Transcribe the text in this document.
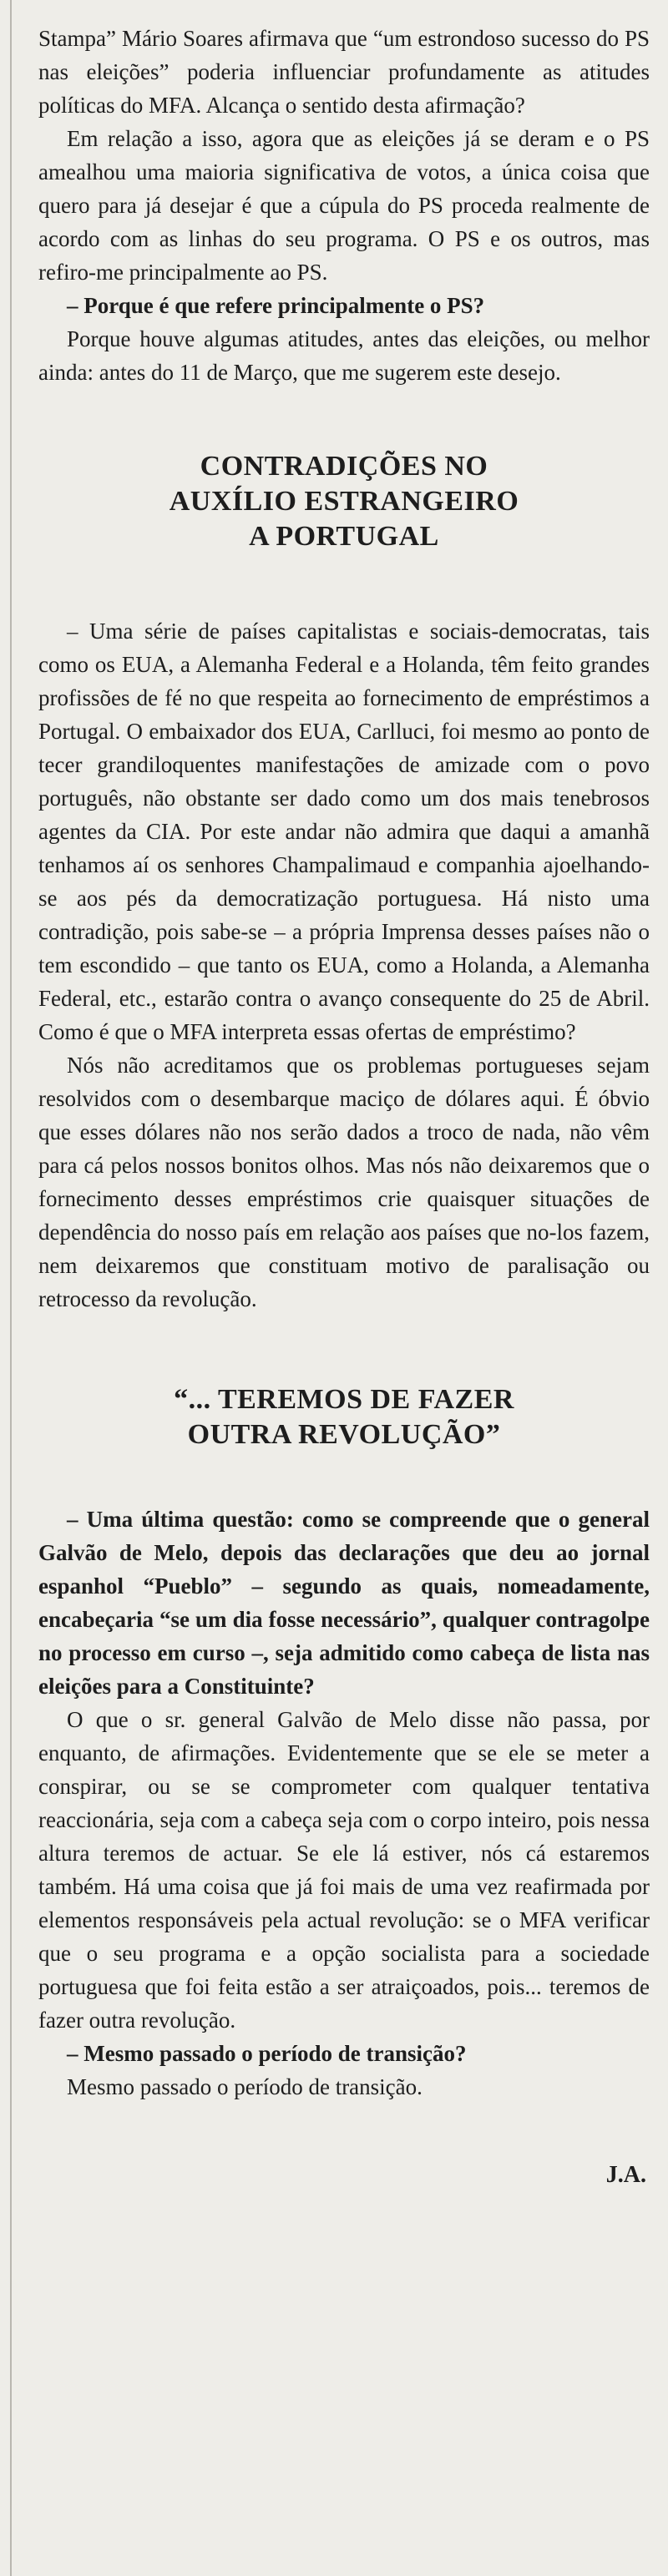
Stampa” Mário Soares afirmava que “um estrondoso sucesso do PS nas eleições” poderia influenciar profundamente as atitudes políticas do MFA. Alcança o sentido desta afirmação?

Em relação a isso, agora que as eleições já se deram e o PS amealhou uma maioria significativa de votos, a única coisa que quero para já desejar é que a cúpula do PS proceda realmente de acordo com as linhas do seu programa. O PS e os outros, mas refiro-me principalmente ao PS.

– Porque é que refere principalmente o PS?

Porque houve algumas atitudes, antes das eleições, ou melhor ainda: antes do 11 de Março, que me sugerem este desejo.

CONTRADIÇÕES NO
AUXÍLIO ESTRANGEIRO
A PORTUGAL

– Uma série de países capitalistas e sociais-democratas, tais como os EUA, a Alemanha Federal e a Holanda, têm feito grandes profissões de fé no que respeita ao fornecimento de empréstimos a Portugal. O embaixador dos EUA, Carlluci, foi mesmo ao ponto de tecer grandiloquentes manifestações de amizade com o povo português, não obstante ser dado como um dos mais tenebrosos agentes da CIA. Por este andar não admira que daqui a amanhã tenhamos aí os senhores Champalimaud e companhia ajoelhando-se aos pés da democratização portuguesa. Há nisto uma contradição, pois sabe-se – a própria Imprensa desses países não o tem escondido – que tanto os EUA, como a Holanda, a Alemanha Federal, etc., estarão contra o avanço consequente do 25 de Abril. Como é que o MFA interpreta essas ofertas de empréstimo?

Nós não acreditamos que os problemas portugueses sejam resolvidos com o desembarque maciço de dólares aqui. É óbvio que esses dólares não nos serão dados a troco de nada, não vêm para cá pelos nossos bonitos olhos. Mas nós não deixaremos que o fornecimento desses empréstimos crie quaisquer situações de dependência do nosso país em relação aos países que no-los fazem, nem deixaremos que constituam motivo de paralisação ou retrocesso da revolução.

“... TEREMOS DE FAZER
OUTRA REVOLUÇÃO”

– Uma última questão: como se compreende que o general Galvão de Melo, depois das declarações que deu ao jornal espanhol “Pueblo” – segundo as quais, nomeadamente, encabeçaria “se um dia fosse necessário”, qualquer contragolpe no processo em curso –, seja admitido como cabeça de lista nas eleições para a Constituinte?

O que o sr. general Galvão de Melo disse não passa, por enquanto, de afirmações. Evidentemente que se ele se meter a conspirar, ou se se comprometer com qualquer tentativa reaccionária, seja com a cabeça seja com o corpo inteiro, pois nessa altura teremos de actuar. Se ele lá estiver, nós cá estaremos também. Há uma coisa que já foi mais de uma vez reafirmada por elementos responsáveis pela actual revolução: se o MFA verificar que o seu programa e a opção socialista para a sociedade portuguesa que foi feita estão a ser atraiçoados, pois... teremos de fazer outra revolução.

– Mesmo passado o período de transição?

Mesmo passado o período de transição.

J.A.
